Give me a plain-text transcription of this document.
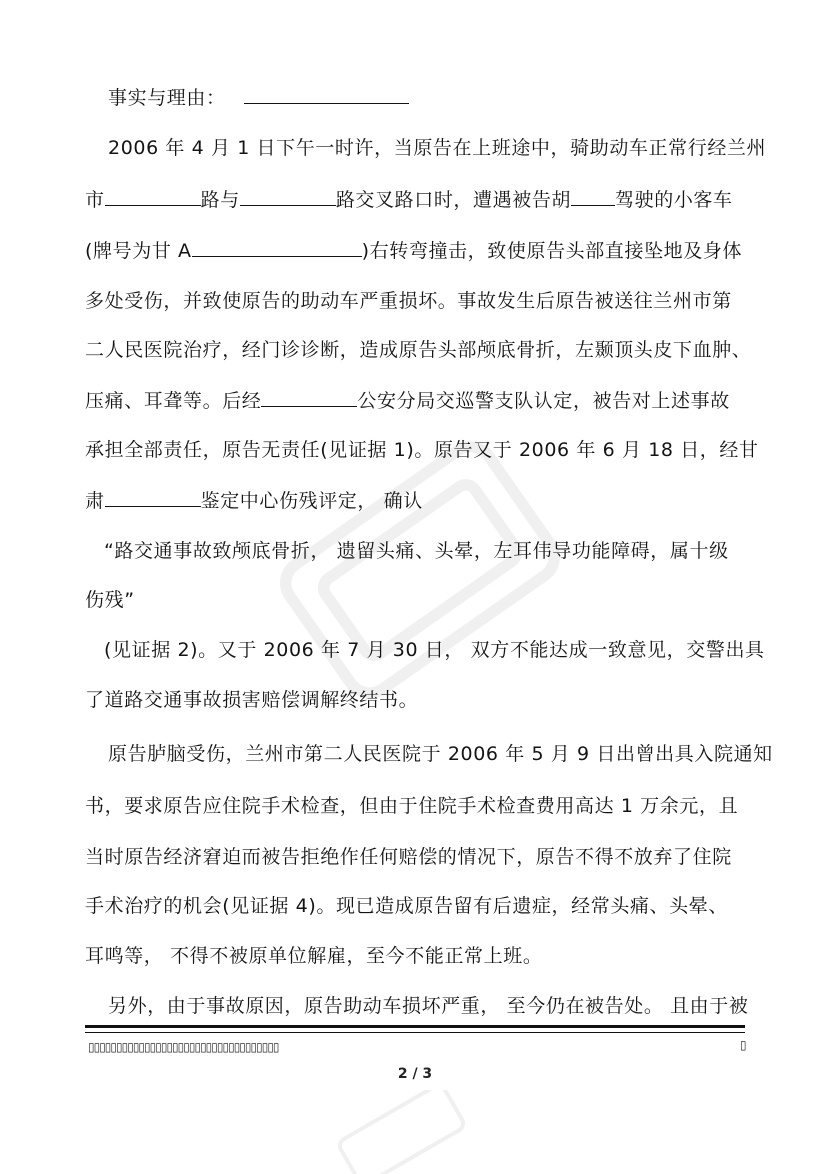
事实与理由：
2006 年 4 月 1 日下午一时许，当原告在上班途中，骑助动车正常行经兰州
市	路与	路交叉路口时，遭遇被告胡 驾驶的小客车
(牌号为甘 A	)右转弯撞击，致使原告头部直接坠地及身体
多处受伤，并致使原告的助动车严重损坏。事故发生后原告被送往兰州市第
二人民医院治疗，经门诊诊断，造成原告头部颅底骨折，左颞顶头皮下血肿、
压痛、耳聋等。后经	公安分局交巡警支队认定，被告对上述事故
承担全部责任，原告无责任(见证据 1)。原告又于 2006 年 6 月 18 日，经甘
肃	鉴定中心伤残评定， 确认
“路交通事故致颅底骨折， 遗留头痛、头晕，左耳伟导功能障碍，属十级
伤残”
(见证据 2)。又于 2006 年 7 月 30 日， 双方不能达成一致意见，交警出具
了道路交通事故损害赔偿调解终结书。
原告胪脑受伤，兰州市第二人民医院于 2006 年 5 月 9 日出曾出具入院通知
书，要求原告应住院手术检查，但由于住院手术检查费用高达 1 万余元，且
当时原告经济窘迫而被告拒绝作任何赔偿的情况下，原告不得不放弃了住院
手术治疗的机会(见证据 4)。现已造成原告留有后遗症，经常头痛、头晕、
耳鸣等， 不得不被原单位解雇，至今不能正常上班。
另外，由于事故原因，原告助动车损坏严重， 至今仍在被告处。 且由于被
▯▯▯▯▯▯▯▯▯▯▯▯▯▯▯▯▯▯▯▯▯▯▯▯▯▯▯▯▯▯▯▯▯▯	▯
2 / 3
